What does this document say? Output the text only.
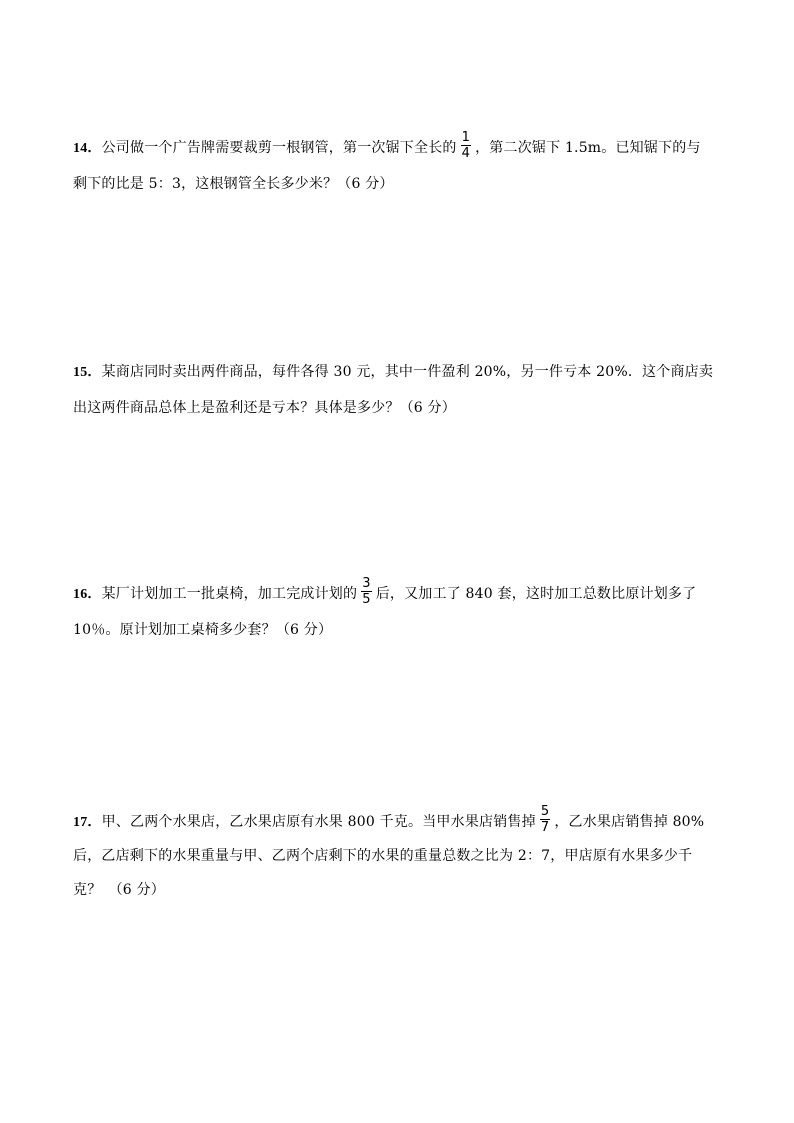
14．公司做一个广告牌需要裁剪一根钢管，第一次锯下全长的 $\frac{1}{4}$ ，第二次锯下 1.5m。已知锯下的与
剩下的比是 5：3，这根钢管全长多少米？（6 分）
15．某商店同时卖出两件商品，每件各得 30 元，其中一件盈利 20%，另一件亏本 20%．这个商店卖
出这两件商品总体上是盈利还是亏本？具体是多少？（6 分）
16．某厂计划加工一批桌椅，加工完成计划的 $\frac{3}{5}$ 后，又加工了 840 套，这时加工总数比原计划多了
10％。原计划加工桌椅多少套？（6 分）
17．甲、乙两个水果店，乙水果店原有水果 800 千克。当甲水果店销售掉 $\frac{5}{7}$ ，乙水果店销售掉 80%
后，乙店剩下的水果重量与甲、乙两个店剩下的水果的重量总数之比为 2：7，甲店原有水果多少千
克？　（6 分）
